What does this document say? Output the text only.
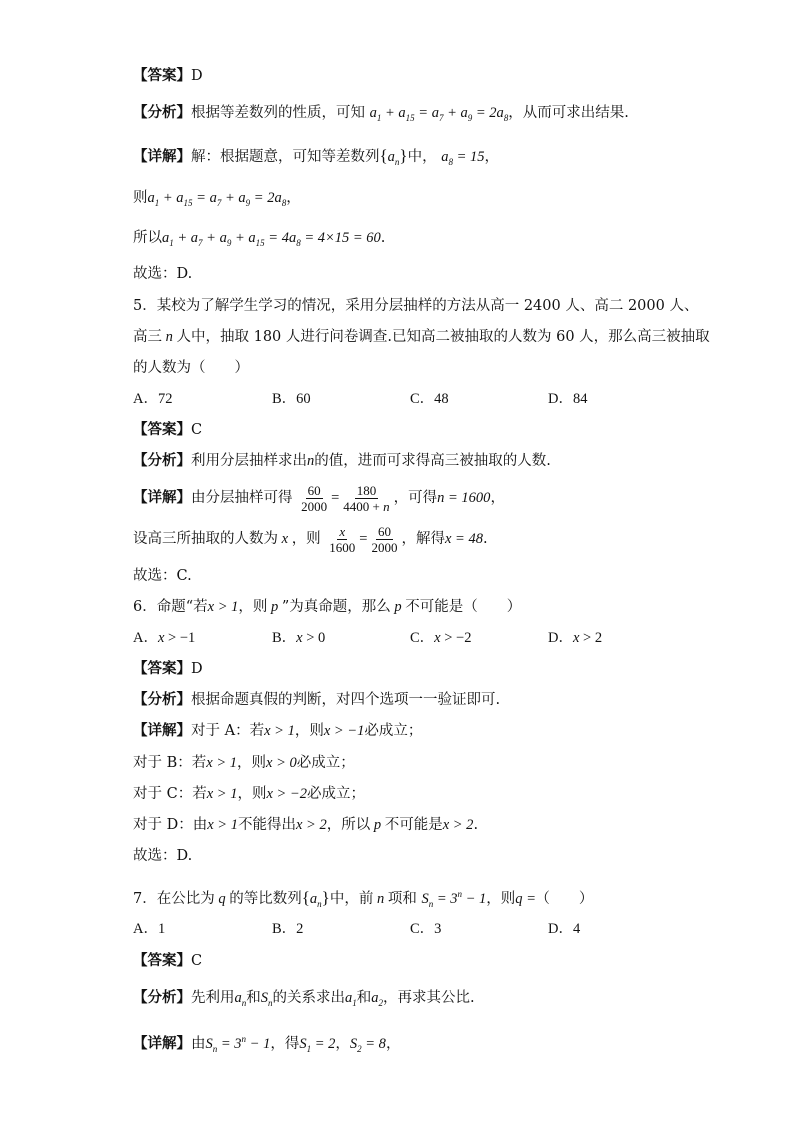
【答案】D
【分析】根据等差数列的性质，可知 $a_1 + a_{15} = a_7 + a_9 = 2a_8$，从而可求出结果.
【详解】解：根据题意，可知等差数列$\{a_n\}$中， $a_8 = 15$，
则$a_1 + a_{15} = a_7 + a_9 = 2a_8$，
所以$a_1 + a_7 + a_9 + a_{15} = 4a_8 = 4\times 15 = 60$.
故选：D.
5．某校为了解学生学习的情况，采用分层抽样的方法从高一 2400 人、高二 2000 人、
高三 n 人中，抽取 180 人进行问卷调查.已知高二被抽取的人数为 60 人，那么高三被抽取
的人数为（　　）
A．72	B．60	C．48	D．84
【答案】C
【分析】利用分层抽样求出n的值，进而可求得高三被抽取的人数.
【详解】由分层抽样可得 $\frac{60}{2000} = \frac{180}{4400 + n}$ ，可得n = 1600，
设高三所抽取的人数为 x ，则 $\frac{x}{1600} = \frac{60}{2000}$ ，解得x = 48.
故选：C.
6．命题“若x > 1，则 p ”为真命题，那么 p 不可能是（　　）
A．x > −1	B．x > 0	C．x > −2	D．x > 2
【答案】D
【分析】根据命题真假的判断，对四个选项一一验证即可.
【详解】对于 A：若x > 1，则x > −1必成立；
对于 B：若x > 1，则x > 0必成立；
对于 C：若x > 1，则x > −2必成立；
对于 D：由x > 1不能得出x > 2，所以 p 不可能是x > 2.
故选：D.
7．在公比为 q 的等比数列$\{a_n\}$中，前 n 项和 $S_n = 3^n - 1$，则q =（　　）
A．1	B．2	C．3	D．4
【答案】C
【分析】先利用$a_n$和$S_n$的关系求出$a_1$和$a_2$，再求其公比.
【详解】由$S_n = 3^n - 1$，得$S_1 = 2$，$S_2 = 8$，
